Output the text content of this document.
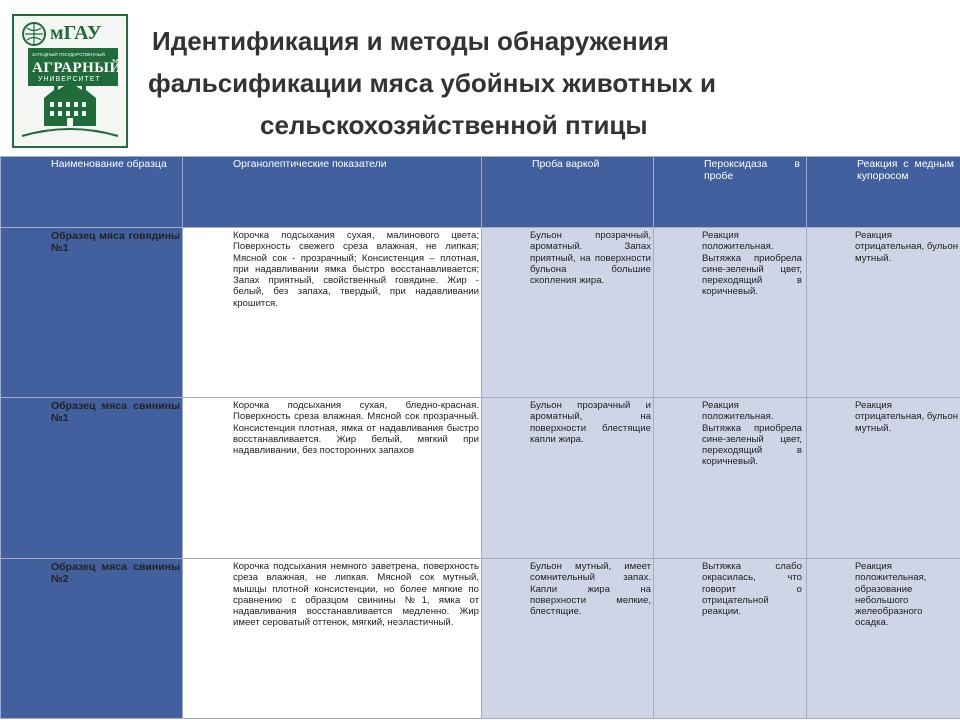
мГАУ
ЗАПАДНЫЙ ГОСУДАРСТВЕННЫЙ
АГРАРНЫЙ
УНИВЕРСИТЕТ
Идентификация и методы обнаружения
фальсификации мяса убойных животных и
сельскохозяйственной птицы
Наименование образца	Органолептические показатели	Проба варкой	Пероксидаза в пробе	Реакция с медным купоросом

Образец мяса говядины №1	Корочка подсыхания сухая, малинового цвета; Поверхность свежего среза влажная, не липкая; Мясной сок - прозрачный; Консистенция – плотная, при надавливании ямка быстро восстанавливается; Запах приятный, свойственный говядине. Жир - белый, без запаха, твердый, при надавливании крошится.	Бульон прозрачный, ароматный. Запах приятный, на поверхности бульона большие скопления жира.	Реакция положительная. Вытяжка приобрела сине-зеленый цвет, переходящий в коричневый.	Реакция отрицательная, бульон мутный.

Образец мяса свинины №1	Корочка подсыхания сухая, бледно-красная. Поверхность среза влажная. Мясной сок прозрачный. Консистенция плотная, ямка от надавливания быстро восстанавливается. Жир белый, мягкий при надавливании, без посторонних запахов	Бульон прозрачный и ароматный, на поверхности блестящие капли жира.	Реакция положительная. Вытяжка приобрела сине-зеленый цвет, переходящий в коричневый.	Реакция отрицательная, бульон мутный.

Образец мяса свинины №2	Корочка подсыхания немного заветрена, поверхность среза влажная, не липкая. Мясной сок мутный, мышцы плотной консистенции, но более мягкие по сравнению с образцом свинины №1, ямка от надавливания восстанавливается медленно. Жир имеет сероватый оттенок, мягкий, неэластичный.	Бульон мутный, имеет сомнительный запах. Капли жира на поверхности мелкие, блестящие.	Вытяжка слабо окрасилась, что говорит о отрицательной реакции.	Реакция положительная, образование небольшого желеобразного осадка.
